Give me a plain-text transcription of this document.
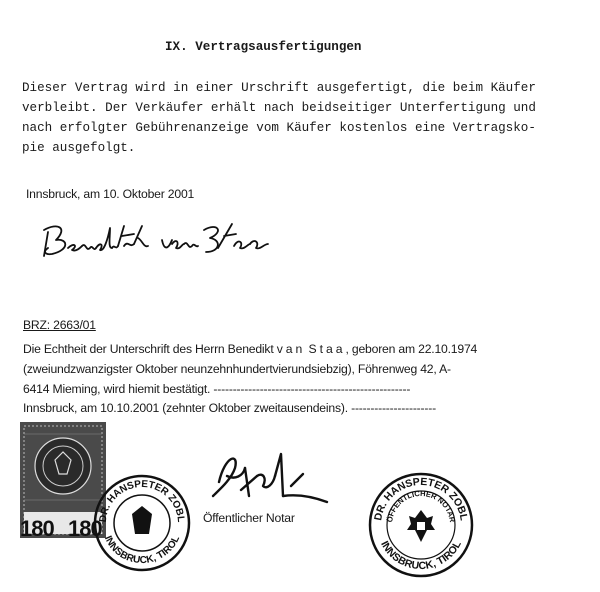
IX. Vertragsausfertigungen
Dieser Vertrag wird in einer Urschrift ausgefertigt, die beim Käufer
verbleibt. Der Verkäufer erhält nach beidseitiger Unterfertigung und
nach erfolgter Gebührenanzeige vom Käufer kostenlos eine Vertragsko-
pie ausgefolgt.
Innsbruck, am 10. Oktober 2001
BRZ: 2663/01
Die Echtheit der Unterschrift des Herrn Benedikt v a n  S t a a , geboren am 22.10.1974
(zweiundzwanzigster Oktober neunzehnhundertvierundsiebzig), Föhrenweg 42, A-
6414 Mieming, wird hiemit bestätigt. ---------------------------------------------------
Innsbruck, am 10.10.2001 (zehnter Oktober zweitausendeins). ----------------------
180 180
DR. HANSPETER ZOBL
INNSBRUCK, TIROL
Öffentlicher Notar	DR. HANSPETER ZOBL
ÖFFENTLICHER NOTAR
INNSBRUCK, TIROL
